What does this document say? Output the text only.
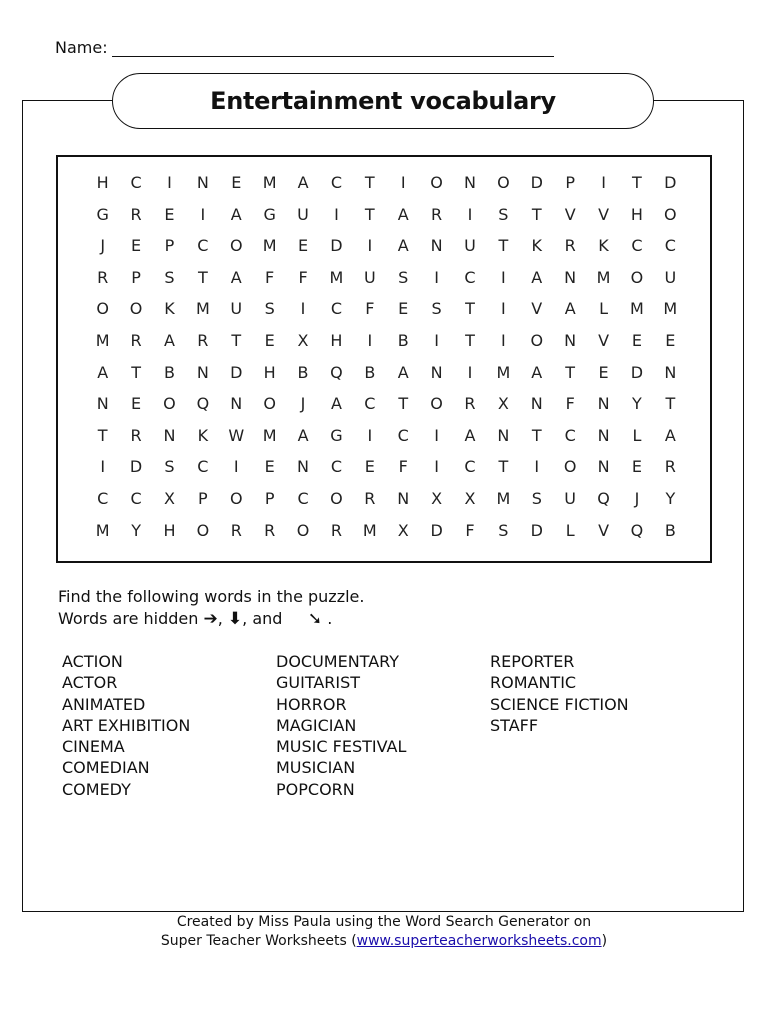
Name:
Entertainment vocabulary
H	C	I	N	E	M	A	C	T	I	O	N	O	D	P	I	T	D
G	R	E	I	A	G	U	I	T	A	R	I	S	T	V	V	H	O
J	E	P	C	O	M	E	D	I	A	N	U	T	K	R	K	C	C
R	P	S	T	A	F	F	M	U	S	I	C	I	A	N	M	O	U
O	O	K	M	U	S	I	C	F	E	S	T	I	V	A	L	M	M
M	R	A	R	T	E	X	H	I	B	I	T	I	O	N	V	E	E
A	T	B	N	D	H	B	Q	B	A	N	I	M	A	T	E	D	N
N	E	O	Q	N	O	J	A	C	T	O	R	X	N	F	N	Y	T
T	R	N	K	W	M	A	G	I	C	I	A	N	T	C	N	L	A
I	D	S	C	I	E	N	C	E	F	I	C	T	I	O	N	E	R
C	C	X	P	O	P	C	O	R	N	X	X	M	S	U	Q	J	Y
M	Y	H	O	R	R	O	R	M	X	D	F	S	D	L	V	Q	B
Find the following words in the puzzle.
Words are hidden ➔, ⬇, and ➘ .
ACTION
ACTOR
ANIMATED
ART EXHIBITION
CINEMA
COMEDIAN
COMEDY
DOCUMENTARY
GUITARIST
HORROR
MAGICIAN
MUSIC FESTIVAL
MUSICIAN
POPCORN
REPORTER
ROMANTIC
SCIENCE FICTION
STAFF
Created by Miss Paula using the Word Search Generator on
Super Teacher Worksheets (www.superteacherworksheets.com)
